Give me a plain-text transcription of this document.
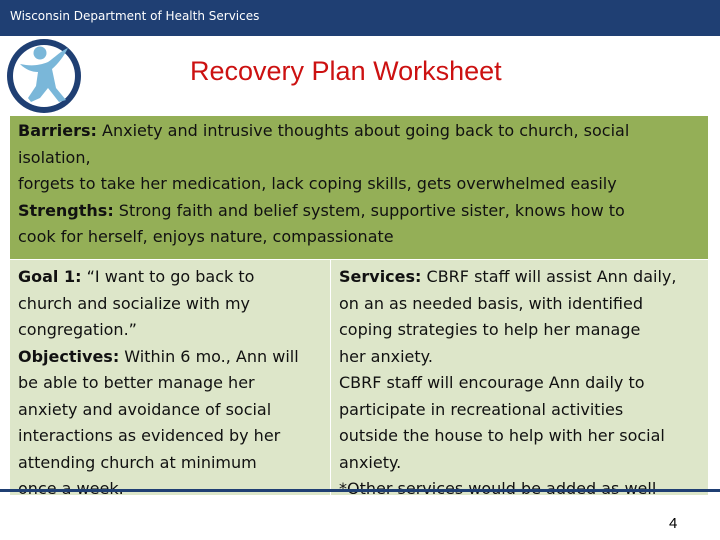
Wisconsin Department of Health Services
Recovery Plan Worksheet
Barriers: Anxiety and intrusive thoughts about going back to church, social
isolation,
forgets to take her medication, lack coping skills, gets overwhelmed easily
Strengths: Strong faith and belief system, supportive sister, knows how to
cook for herself, enjoys nature, compassionate
Goal 1: “I want to go back to
church and socialize with my
congregation.”
Objectives: Within 6 mo., Ann will
be able to better manage her
anxiety and avoidance of social
interactions as evidenced by her
attending church at minimum
Services: CBRF staff will assist Ann daily,
on an as needed basis, with identified
coping strategies to help her manage
her anxiety.
CBRF staff will encourage Ann daily to
participate in recreational activities
outside the house to help with her social
anxiety.
4
